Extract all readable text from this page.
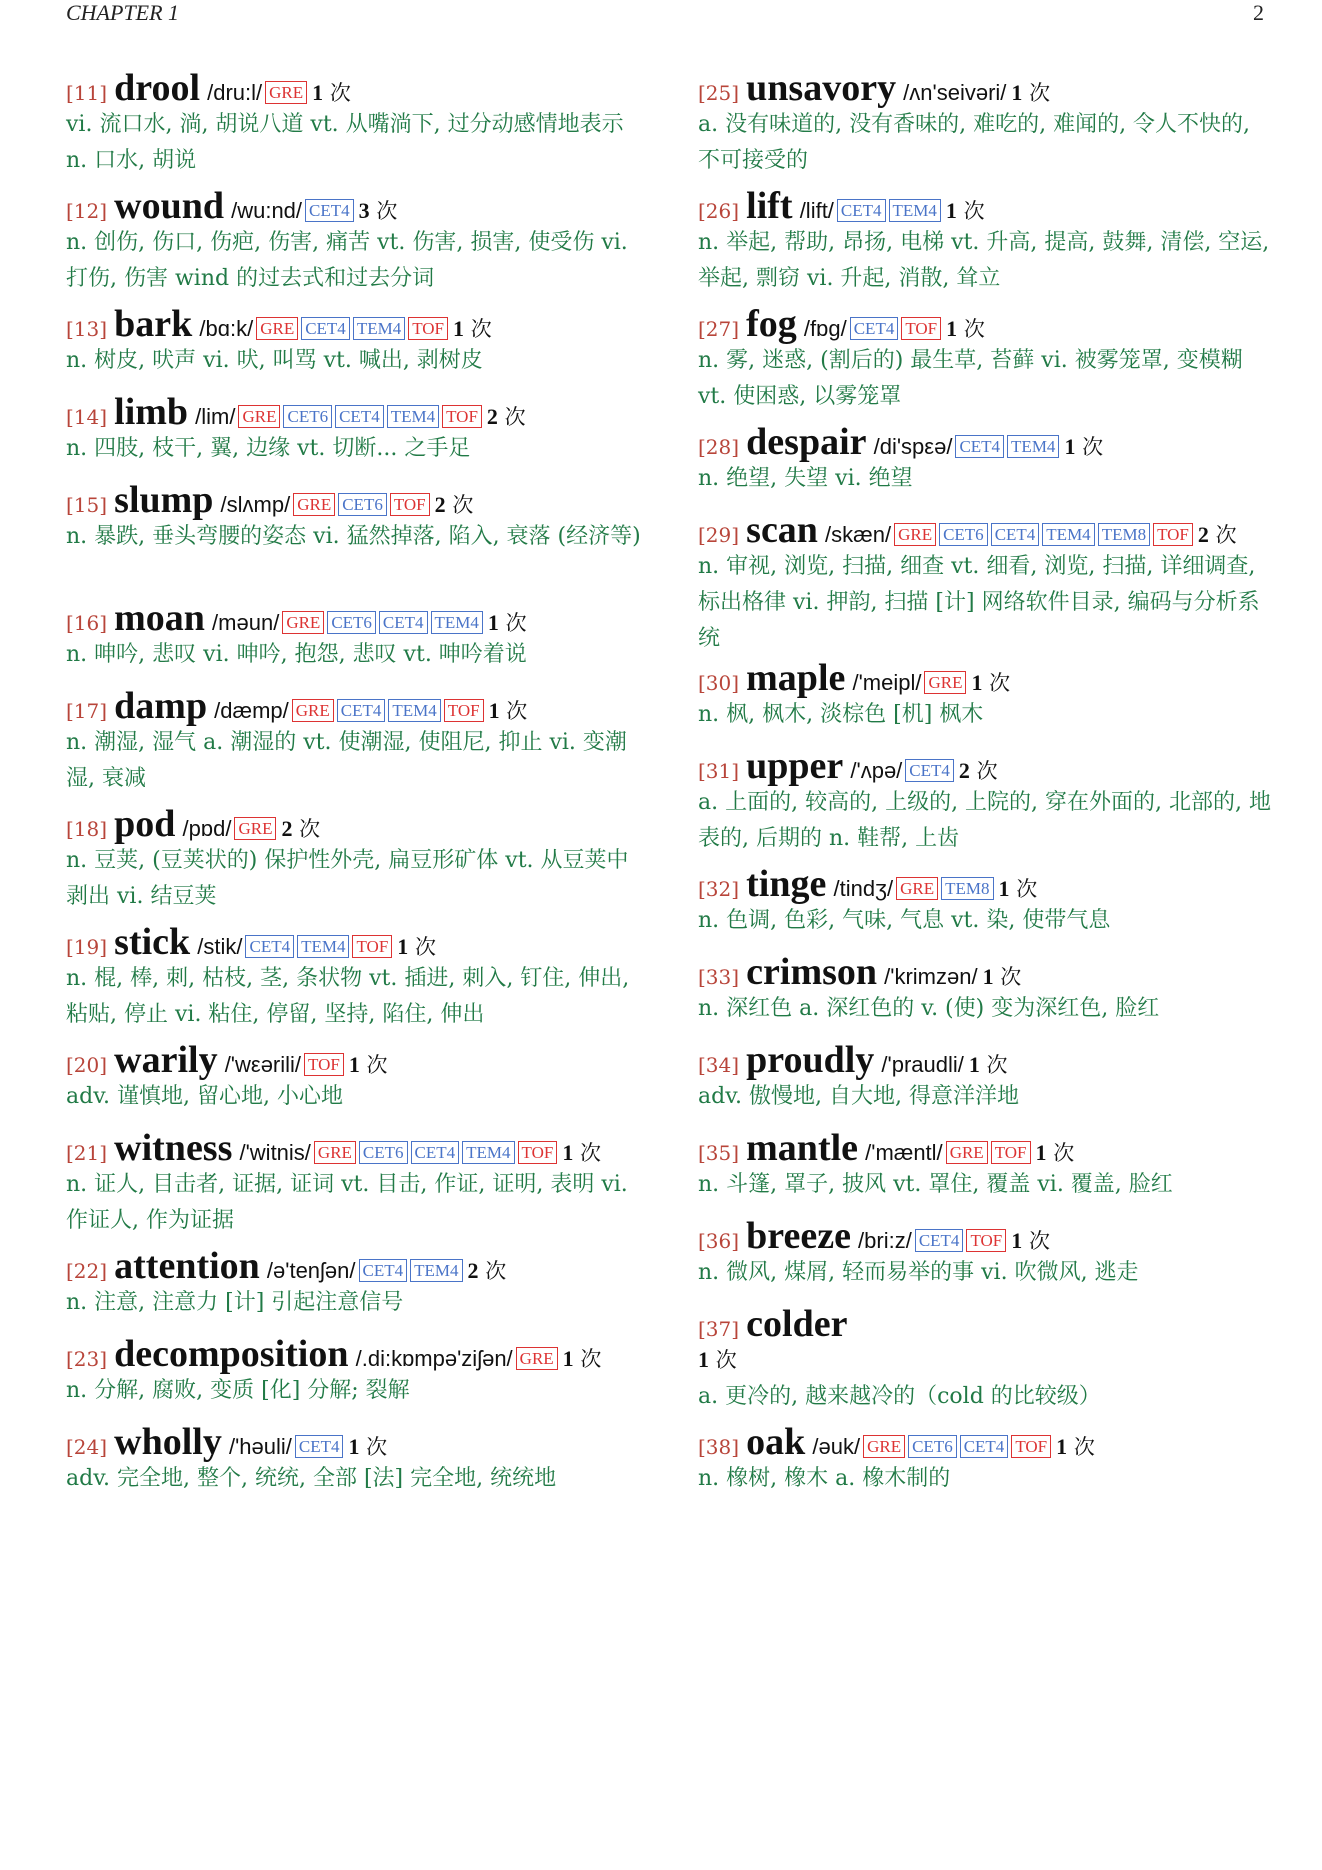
CHAPTER 1	2
[11] drool /dru:l/ GRE 1 次
vi. 流口水, 淌, 胡说八道 vt. 从嘴淌下, 过分动感情地表示 n. 口水, 胡说
[12] wound /wu:nd/ CET4 3 次
n. 创伤, 伤口, 伤疤, 伤害, 痛苦 vt. 伤害, 损害, 使受伤 vi. 打伤, 伤害 wind 的过去式和过去分词
[13] bark /bɑ:k/ GRE CET4 TEM4 TOF 1 次
n. 树皮, 吠声 vi. 吠, 叫骂 vt. 喊出, 剥树皮
[14] limb /lim/ GRE CET6 CET4 TEM4 TOF 2 次
n. 四肢, 枝干, 翼, 边缘 vt. 切断... 之手足
[15] slump /slʌmp/ GRE CET6 TOF 2 次
n. 暴跌, 垂头弯腰的姿态 vi. 猛然掉落, 陷入, 衰落 (经济等)
[16] moan /məun/ GRE CET6 CET4 TEM4 1 次
n. 呻吟, 悲叹 vi. 呻吟, 抱怨, 悲叹 vt. 呻吟着说
[17] damp /dæmp/ GRE CET4 TEM4 TOF 1 次
n. 潮湿, 湿气 a. 潮湿的 vt. 使潮湿, 使阻尼, 抑止 vi. 变潮湿, 衰减
[18] pod /pɒd/ GRE 2 次
n. 豆荚, (豆荚状的) 保护性外壳, 扁豆形矿体 vt. 从豆荚中剥出 vi. 结豆荚
[19] stick /stik/ CET4 TEM4 TOF 1 次
n. 棍, 棒, 刺, 枯枝, 茎, 条状物 vt. 插进, 刺入, 钉住, 伸出, 粘贴, 停止 vi. 粘住, 停留, 坚持, 陷住, 伸出
[20] warily /'wεərili/ TOF 1 次
adv. 谨慎地, 留心地, 小心地
[21] witness /'witnis/ GRE CET6 CET4 TEM4 TOF 1 次
n. 证人, 目击者, 证据, 证词 vt. 目击, 作证, 证明, 表明 vi. 作证人, 作为证据
[22] attention /ə'tenʃən/ CET4 TEM4 2 次
n. 注意, 注意力 [计] 引起注意信号
[23] decomposition /.di:kɒmpə'ziʃən/ GRE 1 次
n. 分解, 腐败, 变质 [化] 分解; 裂解
[24] wholly /'həuli/ CET4 1 次
adv. 完全地, 整个, 统统, 全部 [法] 完全地, 统统地
[25] unsavory /ʌn'seivəri/ 1 次
a. 没有味道的, 没有香味的, 难吃的, 难闻的, 令人不快的, 不可接受的
[26] lift /lift/ CET4 TEM4 1 次
n. 举起, 帮助, 昂扬, 电梯 vt. 升高, 提高, 鼓舞, 清偿, 空运, 举起, 剽窃 vi. 升起, 消散, 耸立
[27] fog /fɒg/ CET4 TOF 1 次
n. 雾, 迷惑, (割后的) 最生草, 苔藓 vi. 被雾笼罩, 变模糊 vt. 使困惑, 以雾笼罩
[28] despair /di'spεə/ CET4 TEM4 1 次
n. 绝望, 失望 vi. 绝望
[29] scan /skæn/ GRE CET6 CET4 TEM4 TEM8 TOF 2 次
n. 审视, 浏览, 扫描, 细查 vt. 细看, 浏览, 扫描, 详细调查, 标出格律 vi. 押韵, 扫描 [计] 网络软件目录, 编码与分析系统
[30] maple /'meipl/ GRE 1 次
n. 枫, 枫木, 淡棕色 [机] 枫木
[31] upper /'ʌpə/ CET4 2 次
a. 上面的, 较高的, 上级的, 上院的, 穿在外面的, 北部的, 地表的, 后期的 n. 鞋帮, 上齿
[32] tinge /tindʒ/ GRE TEM8 1 次
n. 色调, 色彩, 气味, 气息 vt. 染, 使带气息
[33] crimson /'krimzən/ 1 次
n. 深红色 a. 深红色的 v. (使) 变为深红色, 脸红
[34] proudly /'praudli/ 1 次
adv. 傲慢地, 自大地, 得意洋洋地
[35] mantle /'mæntl/ GRE TOF 1 次
n. 斗篷, 罩子, 披风 vt. 罩住, 覆盖 vi. 覆盖, 脸红
[36] breeze /bri:z/ CET4 TOF 1 次
n. 微风, 煤屑, 轻而易举的事 vi. 吹微风, 逃走
[37] colder
1 次
a. 更冷的, 越来越冷的（cold 的比较级）
[38] oak /əuk/ GRE CET6 CET4 TOF 1 次
n. 橡树, 橡木 a. 橡木制的
